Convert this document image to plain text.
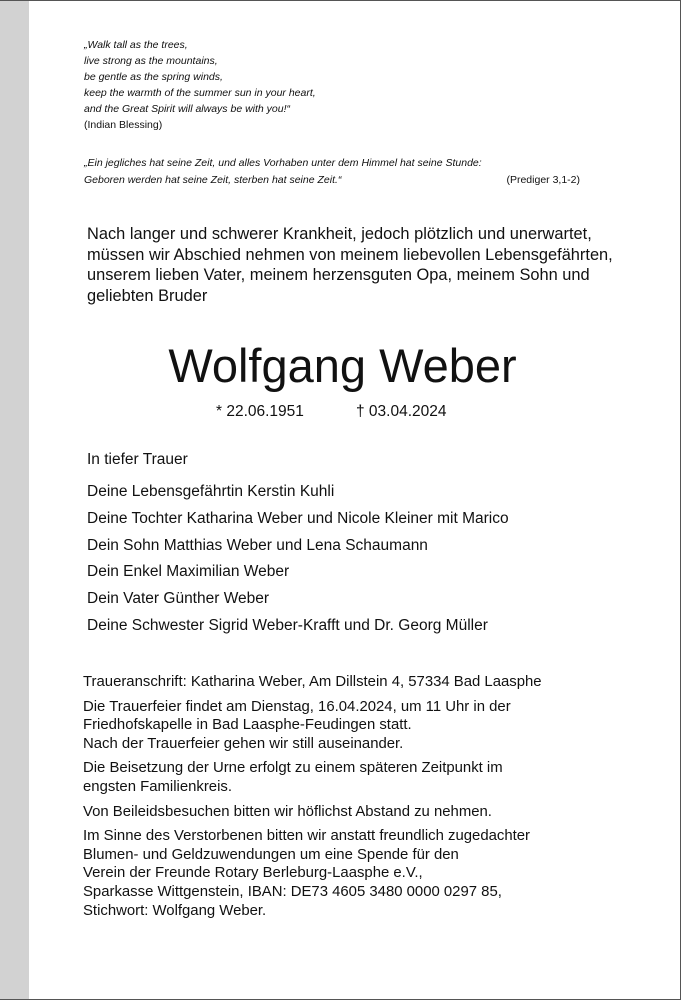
„Walk tall as the trees,
live strong as the mountains,
be gentle as the spring winds,
keep the warmth of the summer sun in your heart,
and the Great Spirit will always be with you!“
(Indian Blessing)
„Ein jegliches hat seine Zeit, und alles Vorhaben unter dem Himmel hat seine Stunde:
Geboren werden hat seine Zeit, sterben hat seine Zeit.“	(Prediger 3,1-2)
Nach langer und schwerer Krankheit, jedoch plötzlich und unerwartet,
müssen wir Abschied nehmen von meinem liebevollen Lebensgefährten,
unserem lieben Vater, meinem herzensguten Opa, meinem Sohn und
geliebten Bruder
Wolfgang Weber
* 22.06.1951	† 03.04.2024
In tiefer Trauer
Deine Lebensgefährtin Kerstin Kuhli
Deine Tochter Katharina Weber und Nicole Kleiner mit Marico
Dein Sohn Matthias Weber und Lena Schaumann
Dein Enkel Maximilian Weber
Dein Vater Günther Weber
Deine Schwester Sigrid Weber-Krafft und Dr. Georg Müller
Traueranschrift: Katharina Weber, Am Dillstein 4, 57334 Bad Laasphe
Die Trauerfeier findet am Dienstag, 16.04.2024, um 11 Uhr in der
Friedhofskapelle in Bad Laasphe-Feudingen statt.
Nach der Trauerfeier gehen wir still auseinander.
Die Beisetzung der Urne erfolgt zu einem späteren Zeitpunkt im
engsten Familienkreis.
Von Beileidsbesuchen bitten wir höflichst Abstand zu nehmen.
Im Sinne des Verstorbenen bitten wir anstatt freundlich zugedachter
Blumen- und Geldzuwendungen um eine Spende für den
Verein der Freunde Rotary Berleburg-Laasphe e.V.,
Sparkasse Wittgenstein, IBAN: DE73 4605 3480 0000 0297 85,
Stichwort: Wolfgang Weber.
